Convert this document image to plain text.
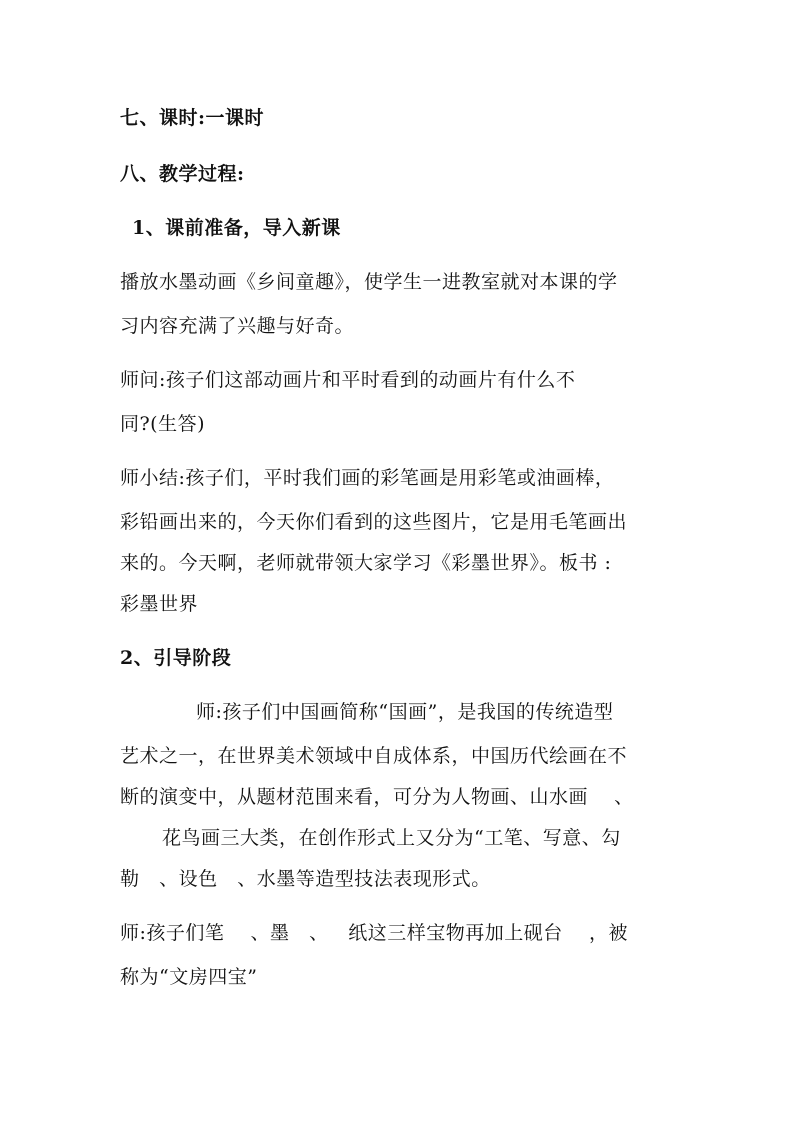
七、课时:一课时
八、教学过程:
1、课前准备，导入新课
播放水墨动画《乡间童趣》，使学生一进教室就对本课的学
习内容充满了兴趣与好奇。
师问:孩子们这部动画片和平时看到的动画片有什么不
同?(生答)
师小结:孩子们，平时我们画的彩笔画是用彩笔或油画棒，
彩铅画出来的，今天你们看到的这些图片，它是用毛笔画出
来的。今天啊，老师就带领大家学习《彩墨世界》。板书 :
彩墨世界
2、引导阶段
师:孩子们中国画简称“国画”，是我国的传统造型
艺术之一，在世界美术领域中自成体系，中国历代绘画在不
断的演变中，从题材范围来看，可分为人物画、山水画    、
花鸟画三大类，在创作形式上又分为“工笔、写意、勾
勒   、设色   、水墨等造型技法表现形式。
师:孩子们笔    、墨   、   纸这三样宝物再加上砚台    ，被
称为“文房四宝”
